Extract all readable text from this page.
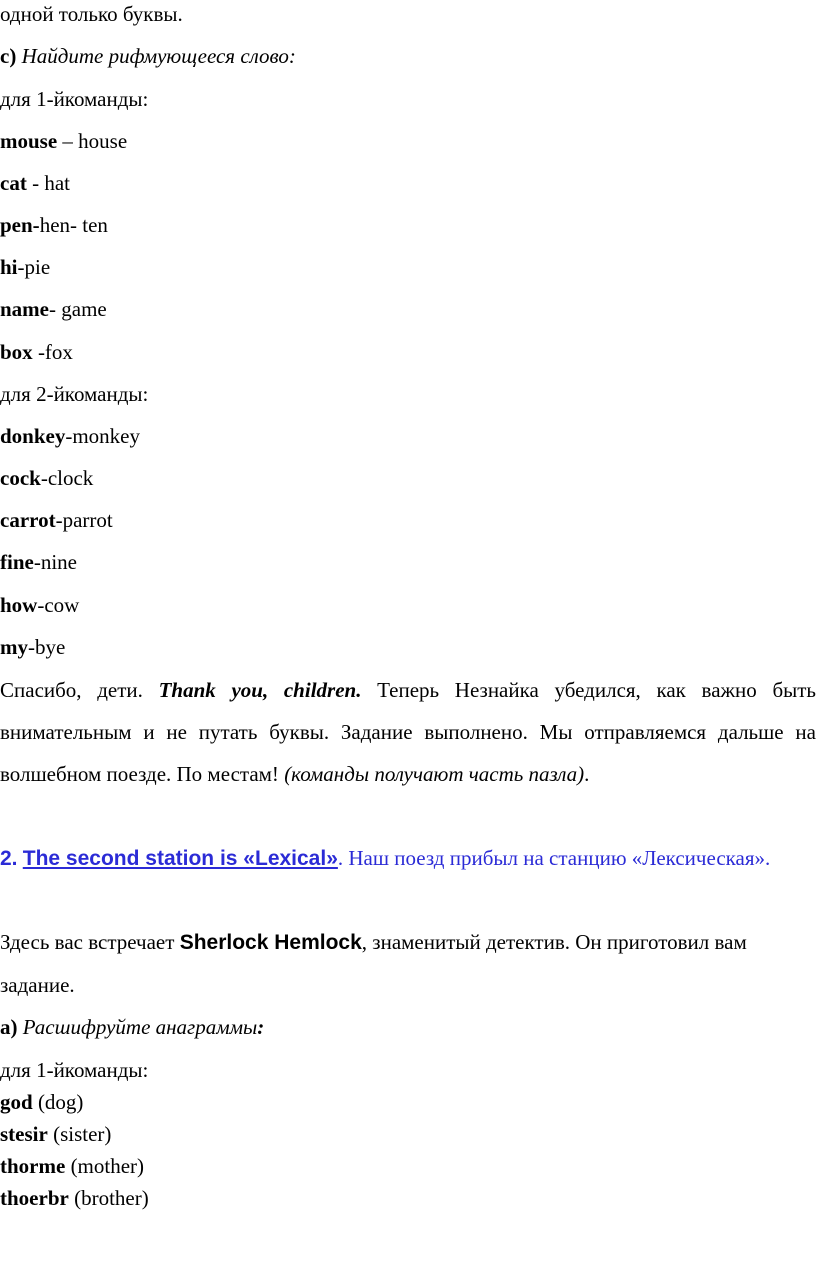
одной только буквы.
c) Найдите рифмующееся слово:
для 1-йкоманды:
mouse – house
cat - hat
pen-hen- ten
hi-pie
name- game
box -fox
для 2-йкоманды:
donkey-monkey
cock-clock
carrot-parrot
fine-nine
how-cow
my-bye
Спасибо, дети. Thank you, children. Теперь Незнайка убедился, как важно быть внимательным и не путать буквы. Задание выполнено. Мы отправляемся дальше на волшебном поезде. По местам! (команды получают часть пазла).
2. The second station is «Lexical». Наш поезд прибыл на станцию «Лексическая».
Здесь вас встречает Sherlock Hemlock, знаменитый детектив. Он приготовил вам задание.
a) Расшифруйте анаграммы:
для 1-йкоманды:
god (dog)
stesir (sister)
thorme (mother)
thoerbr (brother)
